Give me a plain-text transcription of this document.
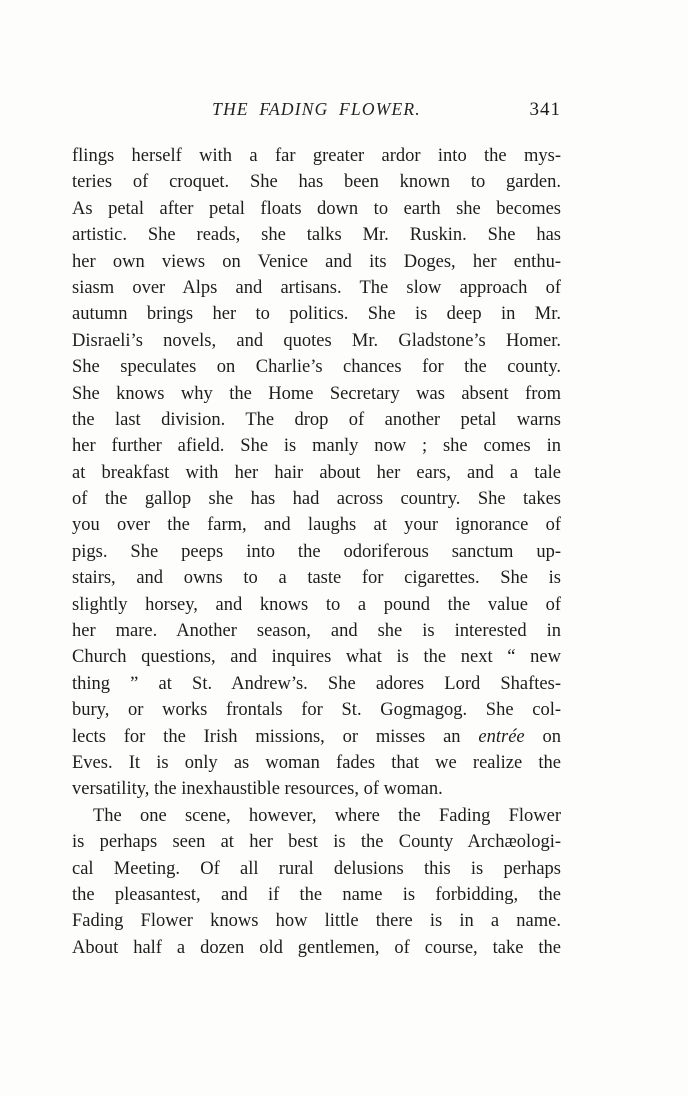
THE FADING FLOWER.	341
flings herself with a far greater ardor into the mys-
teries of croquet. She has been known to garden.
As petal after petal floats down to earth she becomes
artistic. She reads, she talks Mr. Ruskin. She has
her own views on Venice and its Doges, her enthu-
siasm over Alps and artisans. The slow approach of
autumn brings her to politics. She is deep in Mr.
Disraeli’s novels, and quotes Mr. Gladstone’s Homer.
She speculates on Charlie’s chances for the county.
She knows why the Home Secretary was absent from
the last division. The drop of another petal warns
her further afield. She is manly now ; she comes in
at breakfast with her hair about her ears, and a tale
of the gallop she has had across country. She takes
you over the farm, and laughs at your ignorance of
pigs. She peeps into the odoriferous sanctum up-
stairs, and owns to a taste for cigarettes. She is
slightly horsey, and knows to a pound the value of
her mare. Another season, and she is interested in
Church questions, and inquires what is the next “ new
thing ” at St. Andrew’s. She adores Lord Shaftes-
bury, or works frontals for St. Gogmagog. She col-
lects for the Irish missions, or misses an entrée on
Eves. It is only as woman fades that we realize the
versatility, the inexhaustible resources, of woman.
The one scene, however, where the Fading Flower
is perhaps seen at her best is the County Archæologi-
cal Meeting. Of all rural delusions this is perhaps
the pleasantest, and if the name is forbidding, the
Fading Flower knows how little there is in a name.
About half a dozen old gentlemen, of course, take the
